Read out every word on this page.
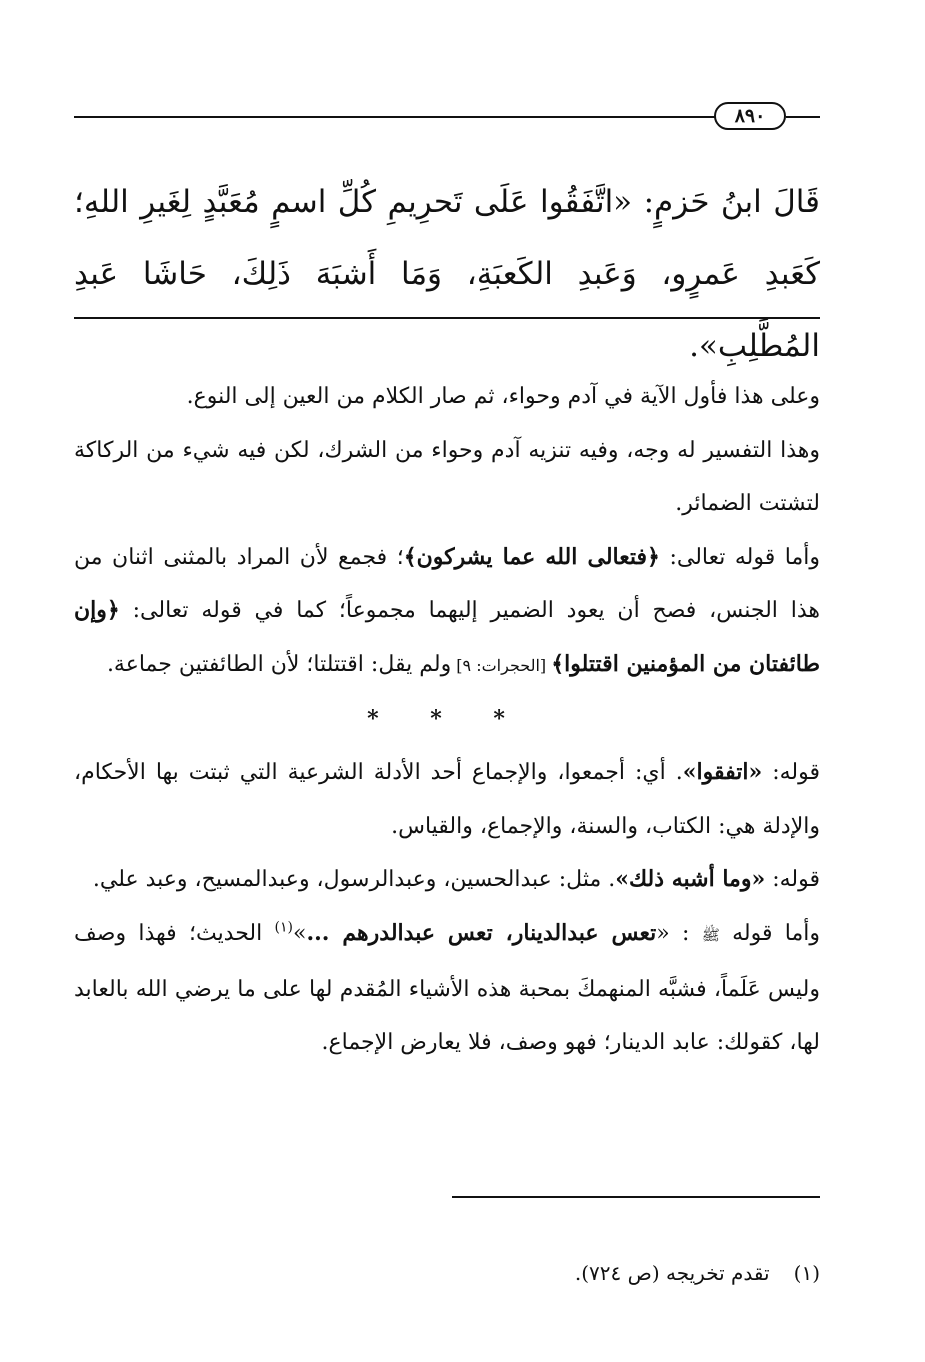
٨٩٠
قَالَ ابنُ حَزمٍ: «اتَّفَقُوا عَلَى تَحرِيمِ كُلِّ اسمٍ مُعَبَّدٍ لِغَيرِ اللهِ؛ كَعَبدِ عَمرٍو، وَعَبدِ الكَعبَةِ، وَمَا أَشبَهَ ذَلِكَ، حَاشَا عَبدِ المُطَّلِبِ».

وعلى هذا فأول الآية في آدم وحواء، ثم صار الكلام من العين إلى النوع.

وهذا التفسير له وجه، وفيه تنزيه آدم وحواء من الشرك، لكن فيه شيء من الركاكة لتشتت الضمائر.

وأما قوله تعالى: ﴿فتعالى الله عما يشركون﴾؛ فجمع لأن المراد بالمثنى اثنان من هذا الجنس، فصح أن يعود الضمير إليهما مجموعاً؛ كما في قوله تعالى: ﴿وإن طائفتان من المؤمنين اقتتلوا﴾ [الحجرات: ٩] ولم يقل: اقتتلتا؛ لأن الطائفتين جماعة.

* * *

قوله: «اتفقوا». أي: أجمعوا، والإجماع أحد الأدلة الشرعية التي ثبتت بها الأحكام، والإدلة هي: الكتاب، والسنة، والإجماع، والقياس.

قوله: «وما أشبه ذلك». مثل: عبدالحسين، وعبدالرسول، وعبدالمسيح، وعبد علي.

وأما قوله ﷺ : «تعس عبدالدينار، تعس عبدالدرهم ...»$^{(١)}$ الحديث؛ فهذا وصف وليس عَلَماً، فشبَّه المنهمكَ بمحبة هذه الأشياء المُقدم لها على ما يرضي الله بالعابد لها، كقولك: عابد الدينار؛ فهو وصف، فلا يعارض الإجماع.

(١)تقدم تخريجه (ص ٧٢٤).
